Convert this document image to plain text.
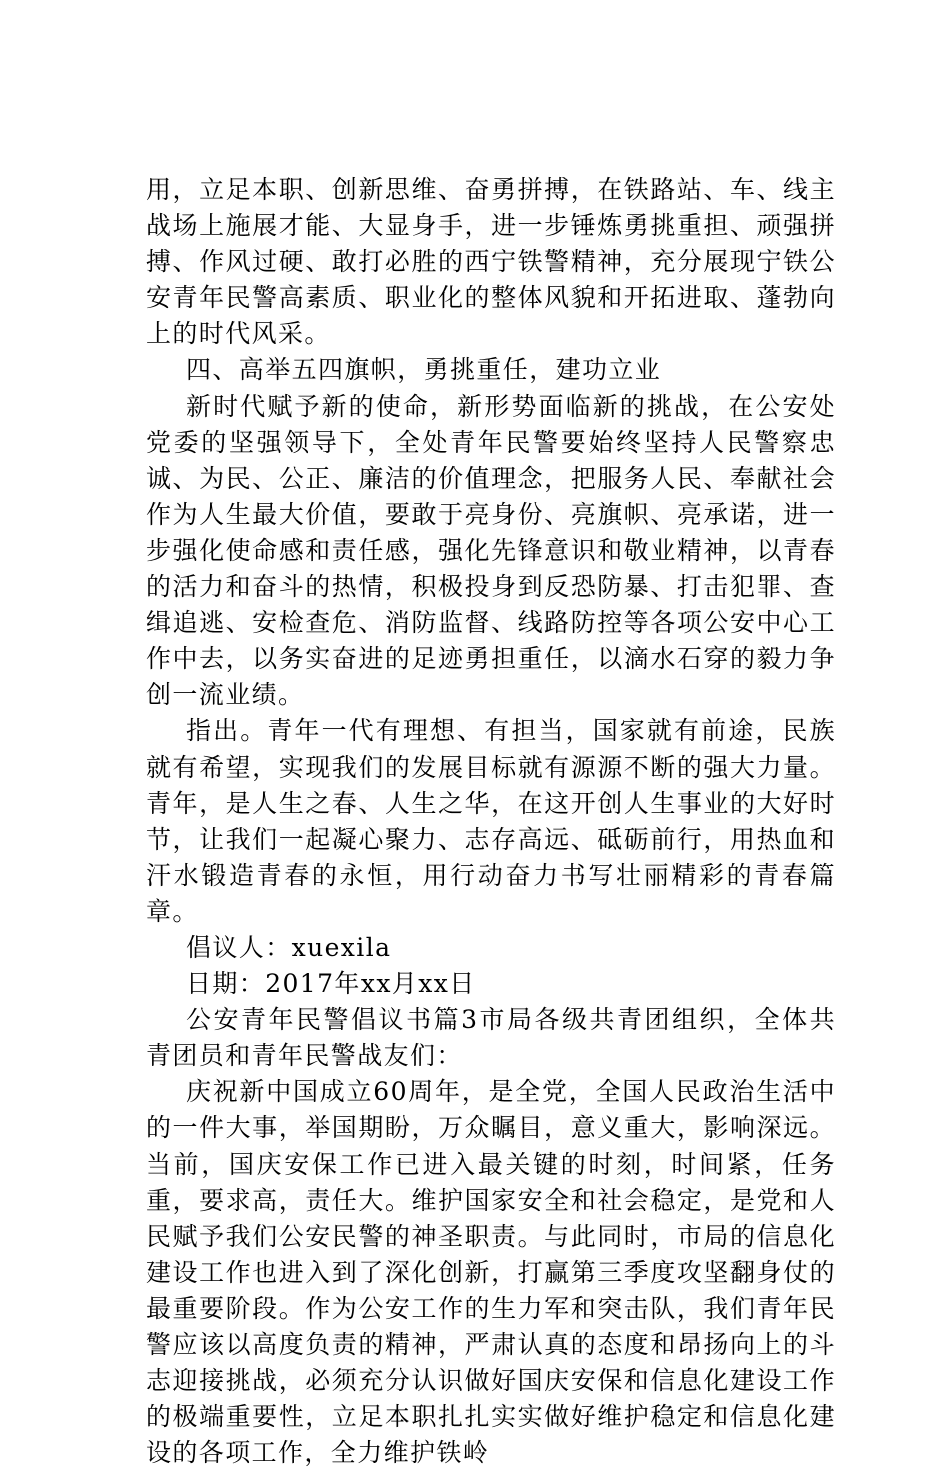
用，立足本职、创新思维、奋勇拼搏，在铁路站、车、线主战场上施展才能、大显身手，进一步锤炼勇挑重担、顽强拼搏、作风过硬、敢打必胜的西宁铁警精神，充分展现宁铁公安青年民警高素质、职业化的整体风貌和开拓进取、蓬勃向上的时代风采。

四、高举五四旗帜，勇挑重任，建功立业

新时代赋予新的使命，新形势面临新的挑战，在公安处党委的坚强领导下，全处青年民警要始终坚持人民警察忠诚、为民、公正、廉洁的价值理念，把服务人民、奉献社会作为人生最大价值，要敢于亮身份、亮旗帜、亮承诺，进一步强化使命感和责任感，强化先锋意识和敬业精神，以青春的活力和奋斗的热情，积极投身到反恐防暴、打击犯罪、查缉追逃、安检查危、消防监督、线路防控等各项公安中心工作中去，以务实奋进的足迹勇担重任，以滴水石穿的毅力争创一流业绩。

指出。青年一代有理想、有担当，国家就有前途，民族就有希望，实现我们的发展目标就有源源不断的强大力量。青年，是人生之春、人生之华，在这开创人生事业的大好时节，让我们一起凝心聚力、志存高远、砥砺前行，用热血和汗水锻造青春的永恒，用行动奋力书写壮丽精彩的青春篇章。

倡议人：xuexila

日期：2017年xx月xx日

公安青年民警倡议书篇3市局各级共青团组织，全体共青团员和青年民警战友们：

庆祝新中国成立60周年，是全党，全国人民政治生活中的一件大事，举国期盼，万众瞩目，意义重大，影响深远。当前，国庆安保工作已进入最关键的时刻，时间紧，任务重，要求高，责任大。维护国家安全和社会稳定，是党和人民赋予我们公安民警的神圣职责。与此同时，市局的信息化建设工作也进入到了深化创新，打赢第三季度攻坚翻身仗的最重要阶段。作为公安工作的生力军和突击队，我们青年民警应该以高度负责的精神，严肃认真的态度和昂扬向上的斗志迎接挑战，必须充分认识做好国庆安保和信息化建设工作的极端重要性，立足本职扎扎实实做好维护稳定和信息化建设的各项工作，全力维护铁岭
